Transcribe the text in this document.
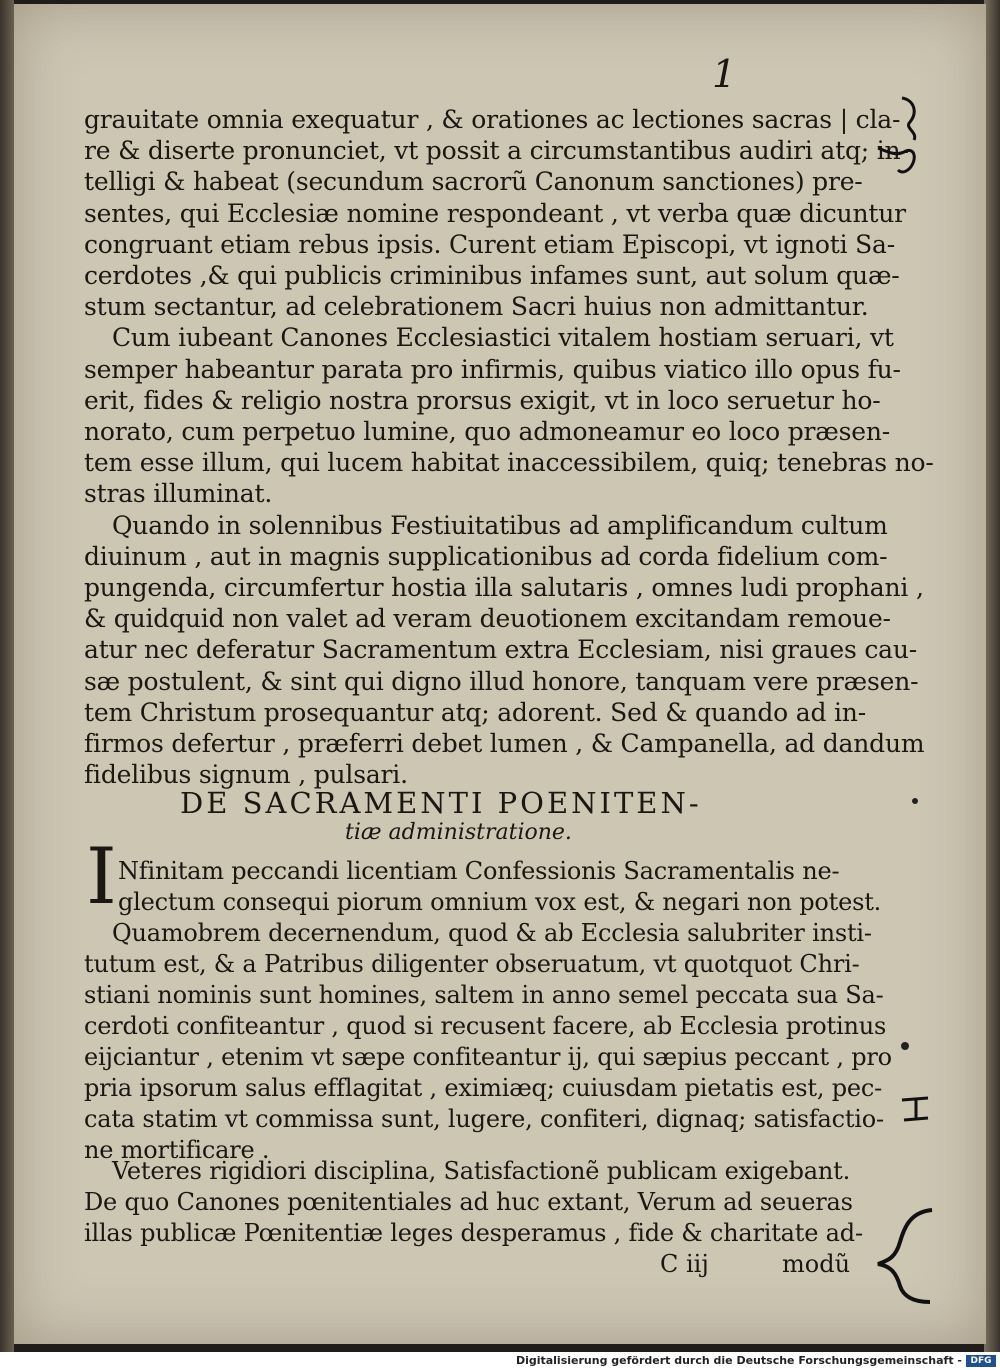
1
grauitate omnia exequatur , & orationes ac lectiones sacras | cla-
re & diserte pronunciet, vt possit a circumstantibus audiri atq; in-
telligi & habeat (secundum sacrorũ Canonum sanctiones) pre-
sentes, qui Ecclesiæ nomine respondeant , vt verba quæ dicuntur
congruant etiam rebus ipsis. Curent etiam Episcopi, vt ignoti Sa-
cerdotes ,& qui publicis criminibus infames sunt, aut solum quæ-
stum sectantur, ad celebrationem Sacri huius non admittantur.
Cum iubeant Canones Ecclesiastici vitalem hostiam seruari, vt
semper habeantur parata pro infirmis, quibus viatico illo opus fu-
erit, fides & religio nostra prorsus exigit, vt in loco seruetur ho-
norato, cum perpetuo lumine, quo admoneamur eo loco præsen-
tem esse illum, qui lucem habitat inaccessibilem, quiq; tenebras no-
stras illuminat.
Quando in solennibus Festiuitatibus ad amplificandum cultum
diuinum , aut in magnis supplicationibus ad corda fidelium com-
pungenda, circumfertur hostia illa salutaris , omnes ludi prophani ,
& quidquid non valet ad veram deuotionem excitandam remoue-
atur nec deferatur Sacramentum extra Ecclesiam, nisi graues cau-
sæ postulent, & sint qui digno illud honore, tanquam vere præsen-
tem Christum prosequantur atq; adorent. Sed & quando ad in-
firmos defertur , præferri debet lumen , & Campanella, ad dandum
fidelibus signum , pulsari.
DE SACRAMENTI POENITEN-
tiæ administratione.
I Nfinitam peccandi licentiam Confessionis Sacramentalis ne-
glectum consequi piorum omnium vox est, & negari non potest.
Quamobrem decernendum, quod & ab Ecclesia salubriter insti-
tutum est, & a Patribus diligenter obseruatum, vt quotquot Chri-
stiani nominis sunt homines, saltem in anno semel peccata sua Sa-
cerdoti confiteantur , quod si recusent facere, ab Ecclesia protinus
eijciantur , etenim vt sæpe confiteantur ij, qui sæpius peccant , pro
pria ipsorum salus efflagitat , eximiæq; cuiusdam pietatis est, pec-
cata statim vt commissa sunt, lugere, confiteri, dignaq; satisfactio-
ne mortificare .
Veteres rigidiori disciplina, Satisfactionẽ publicam exigebant.
De quo Canones pœnitentiales ad huc extant, Verum ad seueras
illas publicæ Pœnitentiæ leges desperamus , fide & charitate ad-
C iij	modũ
Digitalisierung gefördert durch die Deutsche Forschungsgemeinschaft - DFG
